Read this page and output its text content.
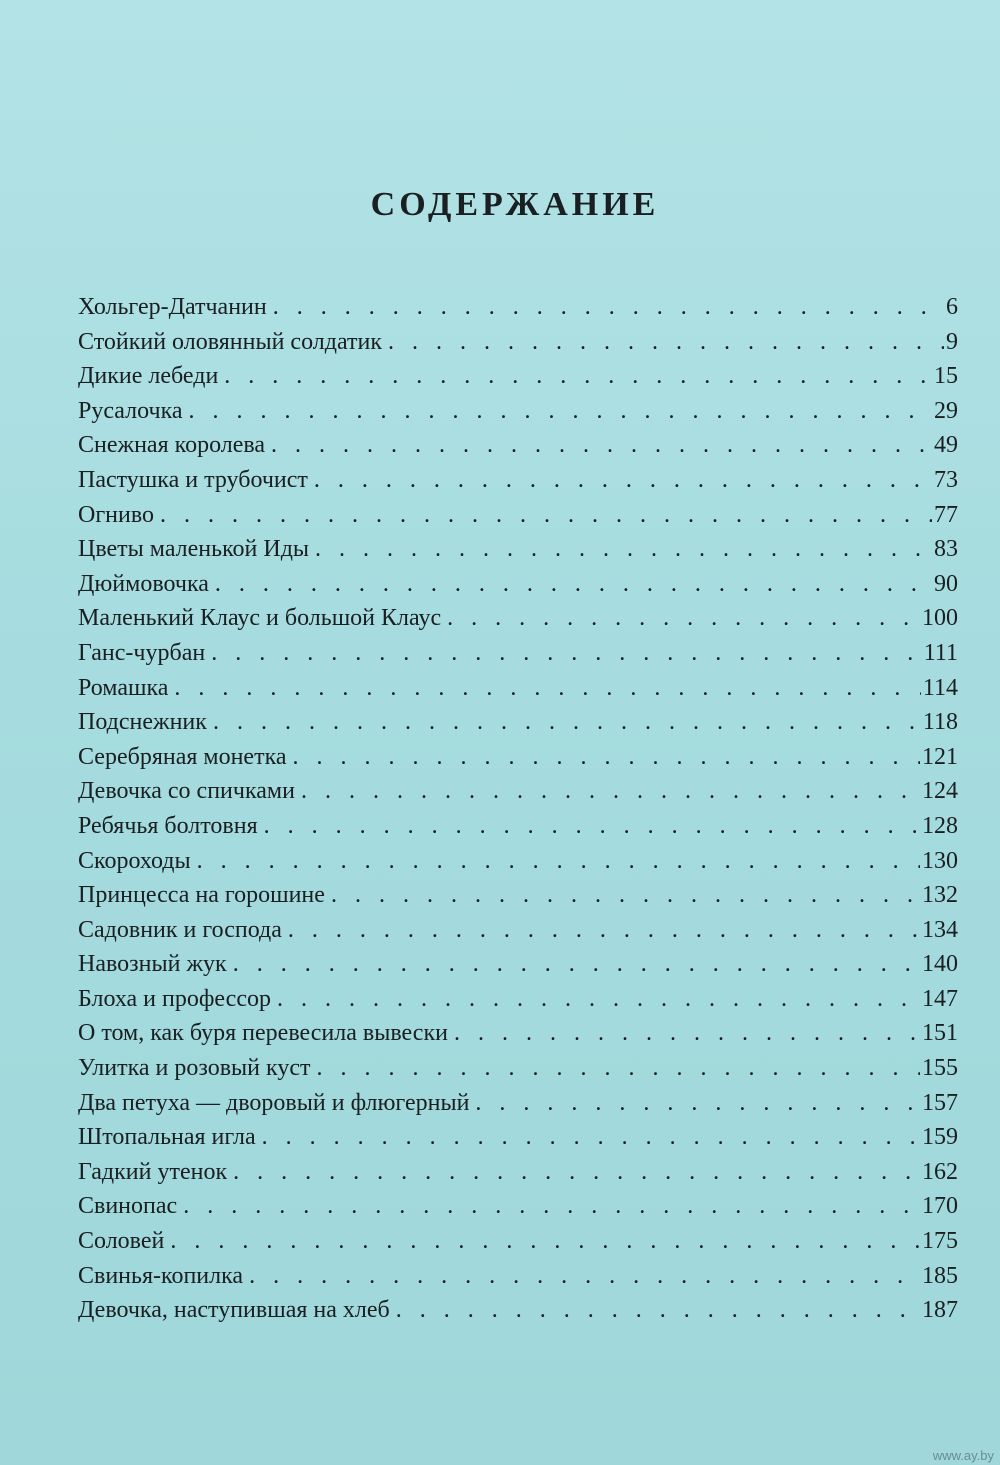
СОДЕРЖАНИЕ
Хольгер-Датчанин . . .	6
Стойкий оловянный солдатик . . .	9
Дикие лебеди . . .	15
Русалочка . . .	29
Снежная королева . . .	49
Пастушка и трубочист . . .	73
Огниво . . .	77
Цветы маленькой Иды . . .	83
Дюймовочка . . .	90
Маленький Клаус и большой Клаус . . .	100
Ганс-чурбан . . .	111
Ромашка . . .	114
Подснежник . . .	118
Серебряная монетка . . .	121
Девочка со спичками . . .	124
Ребячья болтовня . . .	128
Скороходы . . .	130
Принцесса на горошине . . .	132
Садовник и господа . . .	134
Навозный жук . . .	140
Блоха и профессор . . .	147
О том, как буря перевесила вывески . . .	151
Улитка и розовый куст . . .	155
Два петуха — дворовый и флюгерный . . .	157
Штопальная игла . . .	159
Гадкий утенок . . .	162
Свинопас . . .	170
Соловей . . .	175
Свинья-копилка . . .	185
Девочка, наступившая на хлеб . . .	187
www.ay.by
